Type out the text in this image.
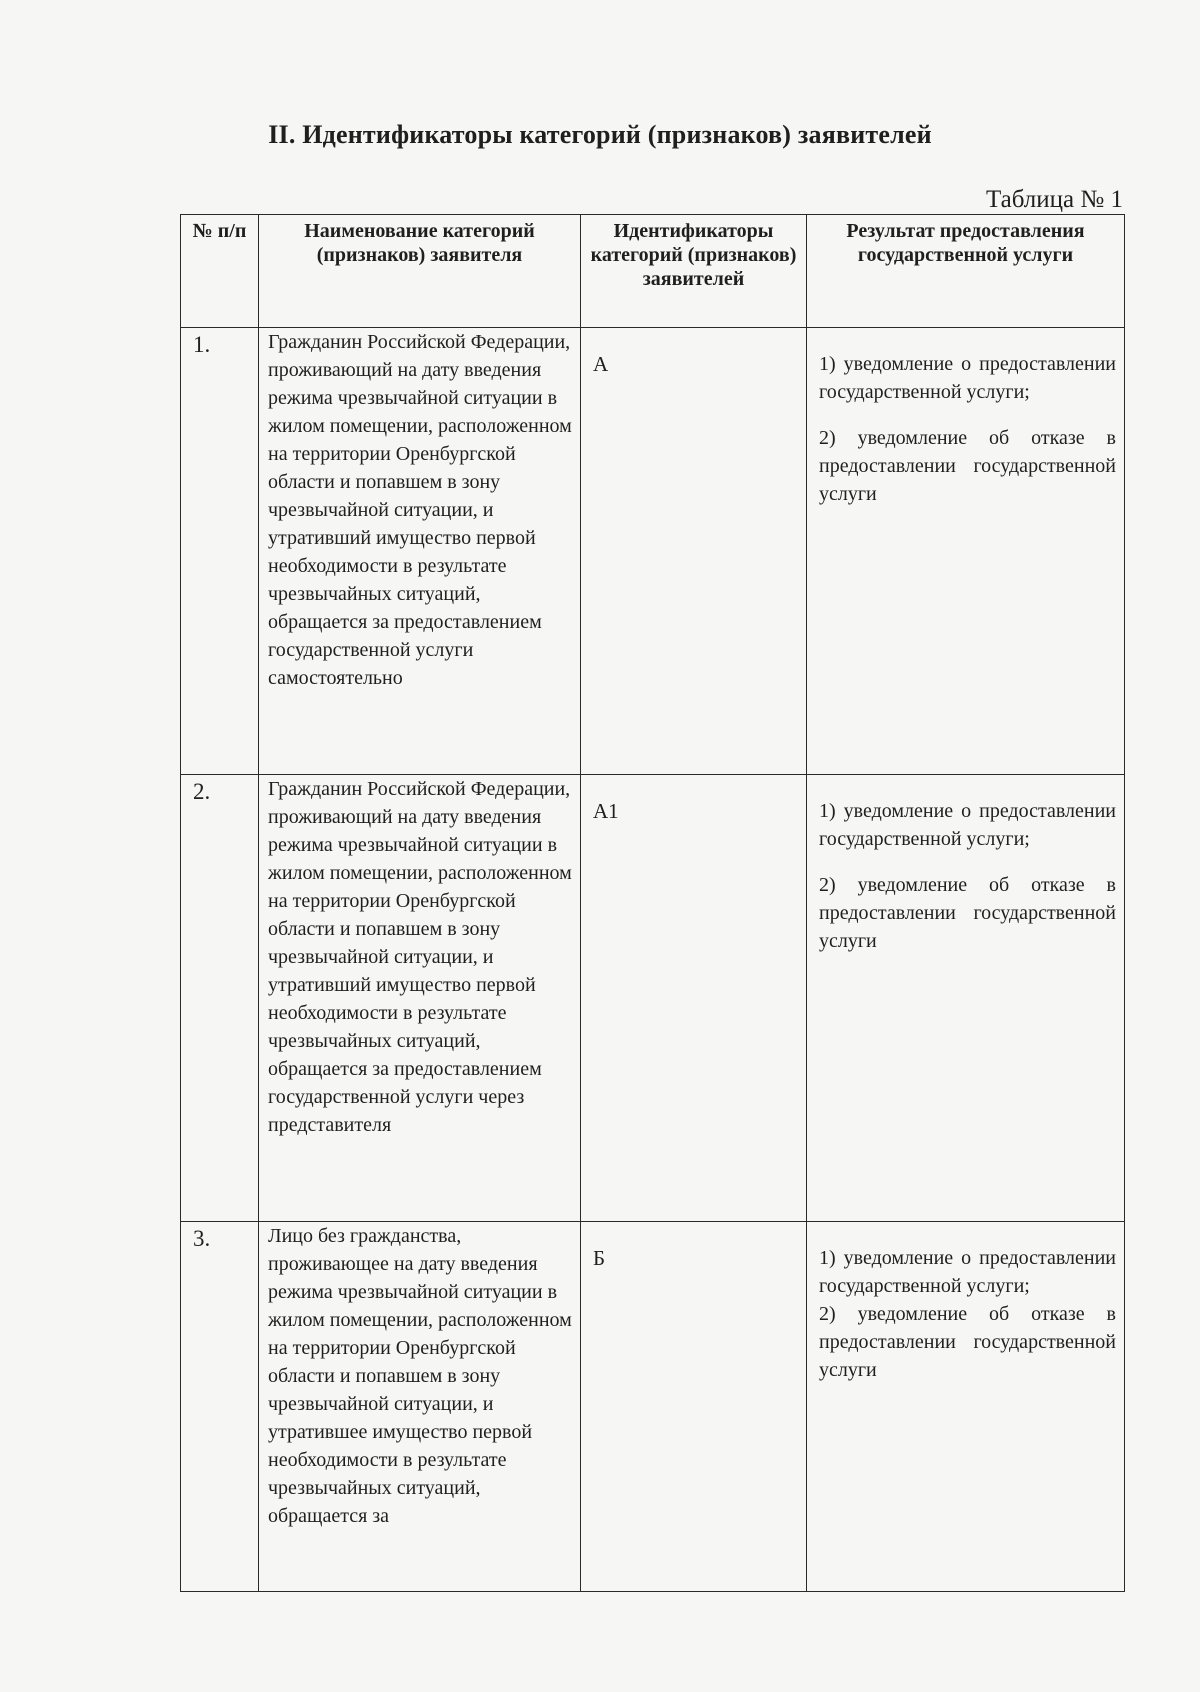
II. Идентификаторы категорий (признаков) заявителей
Таблица № 1
№ п/п	Наименование категорий (признаков) заявителя	Идентификаторы категорий (признаков) заявителей	Результат предоставления государственной услуги

1.	Гражданин Российской Федерации, проживающий на дату введения режима чрезвычайной ситуации в жилом помещении, расположенном на территории Оренбургской области и попавшем в зону чрезвычайной ситуации, и утративший имущество первой необходимости в результате чрезвычайных ситуаций, обращается за предоставлением государственной услуги самостоятельно	А	1) уведомление о предоставлении государственной услуги;

2) уведомление об отказе в предоставлении государственной услуги

2.	Гражданин Российской Федерации, проживающий на дату введения режима чрезвычайной ситуации в жилом помещении, расположенном на территории Оренбургской области и попавшем в зону чрезвычайной ситуации, и утративший имущество первой необходимости в результате чрезвычайных ситуаций, обращается за предоставлением государственной услуги через представителя	А1	1) уведомление о предоставлении государственной услуги;

2) уведомление об отказе в предоставлении государственной услуги

3.	Лицо без гражданства, проживающее на дату введения режима чрезвычайной ситуации в жилом помещении, расположенном на территории Оренбургской области и попавшем в зону чрезвычайной ситуации, и утратившее имущество первой необходимости в результате чрезвычайных ситуаций, обращается за	Б	1) уведомление о предоставлении государственной услуги;

2) уведомление об отказе в предоставлении государственной услуги
